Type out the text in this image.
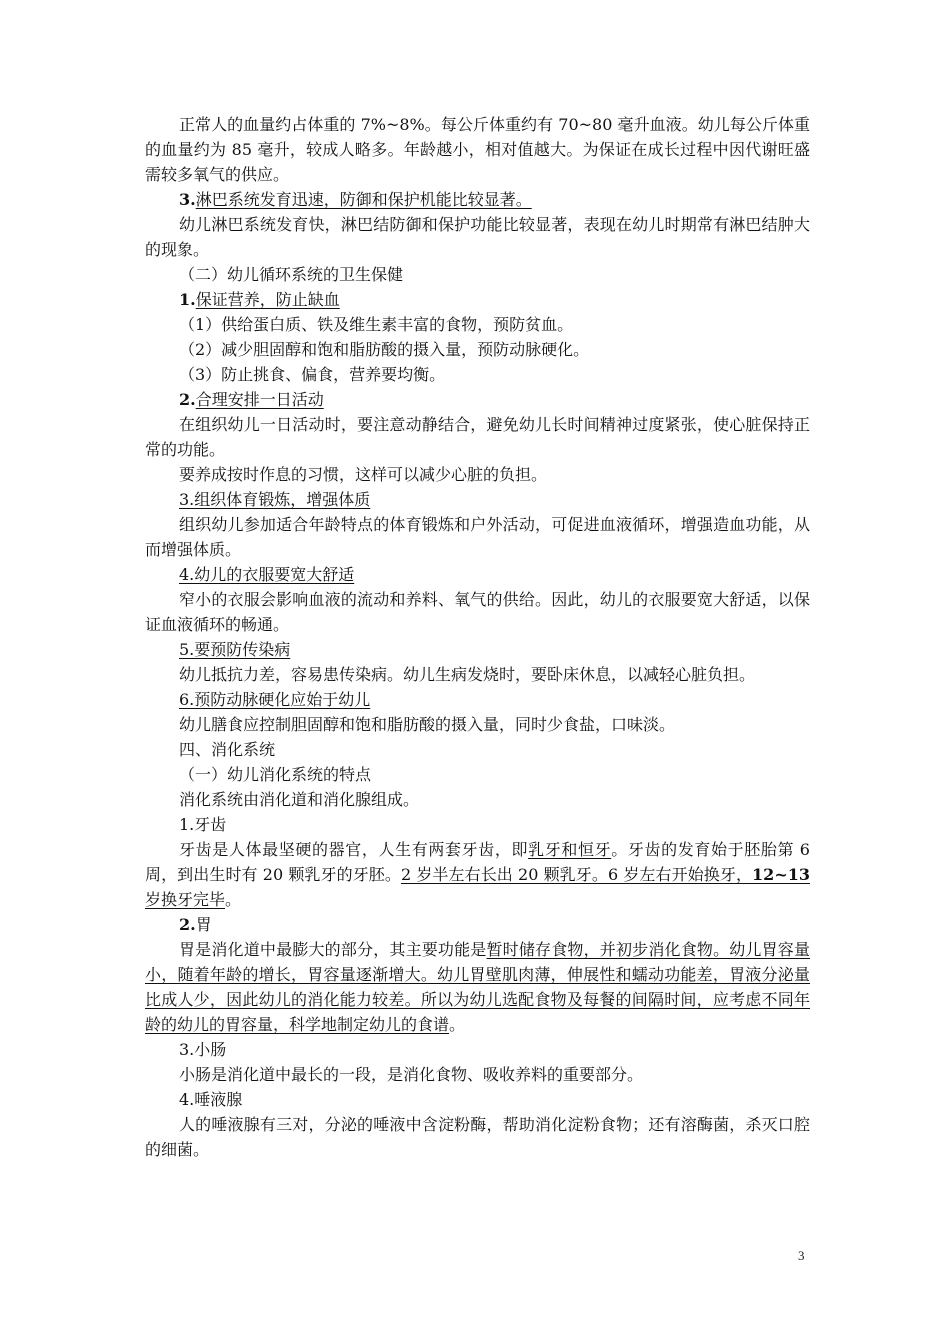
正常人的血量约占体重的 7%~8%。每公斤体重约有 70~80 毫升血液。幼儿每公斤体重的血量约为 85 毫升，较成人略多。年龄越小，相对值越大。为保证在成长过程中因代谢旺盛需较多氧气的供应。

3.淋巴系统发育迅速，防御和保护机能比较显著。

幼儿淋巴系统发育快，淋巴结防御和保护功能比较显著，表现在幼儿时期常有淋巴结肿大的现象。

（二）幼儿循环系统的卫生保健

1.保证营养，防止缺血

（1）供给蛋白质、铁及维生素丰富的食物，预防贫血。

（2）减少胆固醇和饱和脂肪酸的摄入量，预防动脉硬化。

（3）防止挑食、偏食，营养要均衡。

2.合理安排一日活动

在组织幼儿一日活动时，要注意动静结合，避免幼儿长时间精神过度紧张，使心脏保持正常的功能。

要养成按时作息的习惯，这样可以减少心脏的负担。

3.组织体育锻炼，增强体质

组织幼儿参加适合年龄特点的体育锻炼和户外活动，可促进血液循环，增强造血功能，从而增强体质。

4.幼儿的衣服要宽大舒适

窄小的衣服会影响血液的流动和养料、氧气的供给。因此，幼儿的衣服要宽大舒适，以保证血液循环的畅通。

5.要预防传染病

幼儿抵抗力差，容易患传染病。幼儿生病发烧时，要卧床休息，以减轻心脏负担。

6.预防动脉硬化应始于幼儿

幼儿膳食应控制胆固醇和饱和脂肪酸的摄入量，同时少食盐，口味淡。

四、消化系统

（一）幼儿消化系统的特点

消化系统由消化道和消化腺组成。

1.牙齿

牙齿是人体最坚硬的器官，人生有两套牙齿，即乳牙和恒牙。牙齿的发育始于胚胎第 6 周，到出生时有 20 颗乳牙的牙胚。2 岁半左右长出 20 颗乳牙。6 岁左右开始换牙，12~13 岁换牙完毕。

2.胃

胃是消化道中最膨大的部分，其主要功能是暂时储存食物，并初步消化食物。幼儿胃容量小，随着年龄的增长，胃容量逐渐增大。幼儿胃壁肌肉薄，伸展性和蠕动功能差，胃液分泌量比成人少，因此幼儿的消化能力较差。所以为幼儿选配食物及每餐的间隔时间，应考虑不同年龄的幼儿的胃容量，科学地制定幼儿的食谱。

3.小肠

小肠是消化道中最长的一段，是消化食物、吸收养料的重要部分。

4.唾液腺

人的唾液腺有三对，分泌的唾液中含淀粉酶，帮助消化淀粉食物；还有溶酶菌，杀灭口腔的细菌。

3
